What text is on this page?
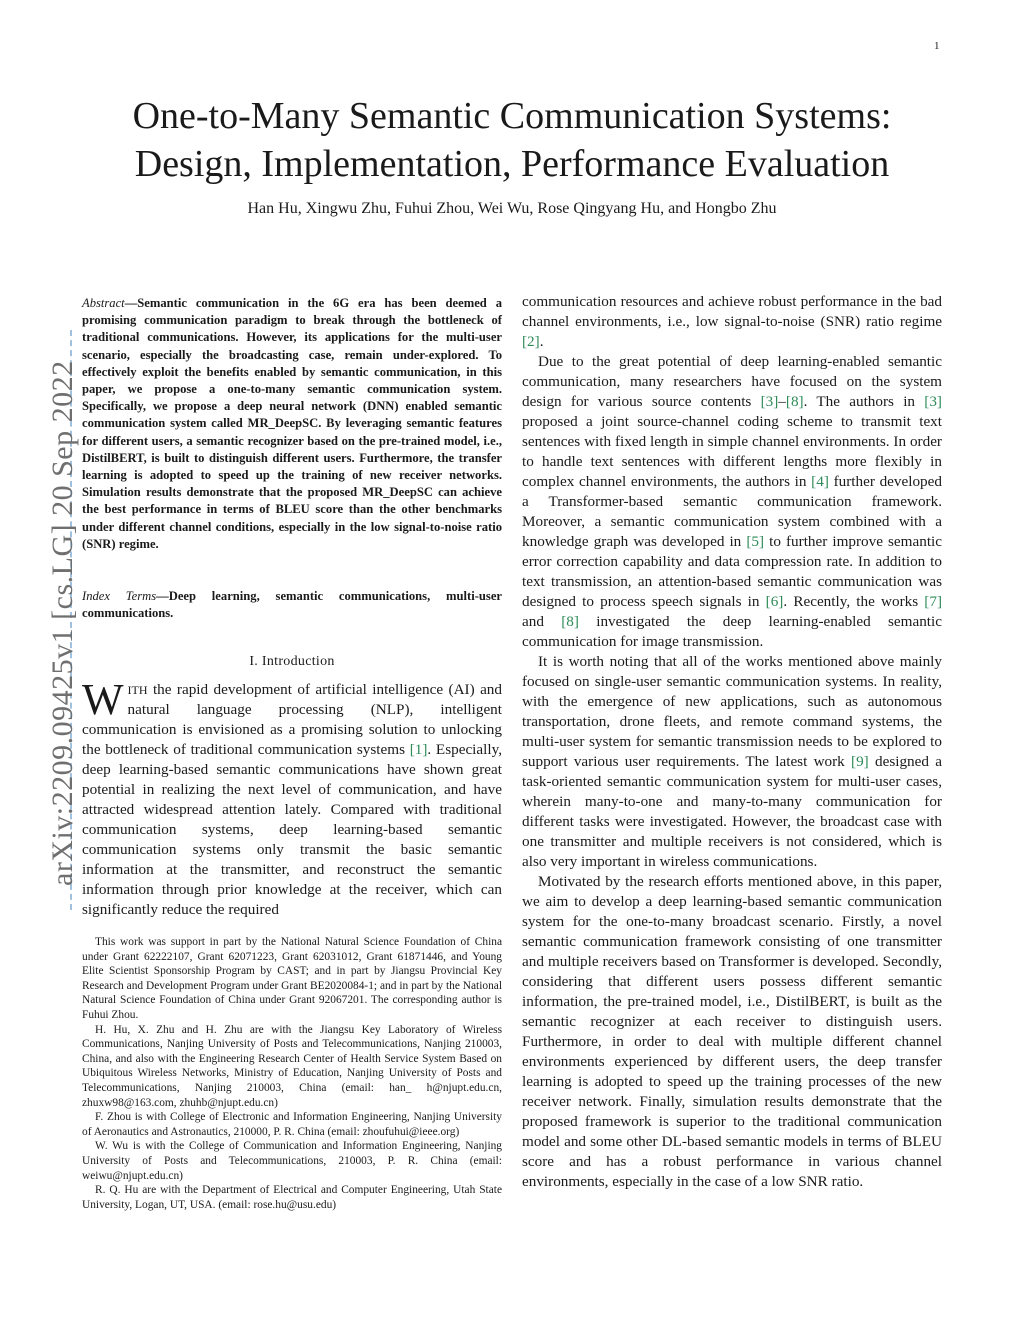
1
One-to-Many Semantic Communication Systems:
Design, Implementation, Performance Evaluation
Han Hu, Xingwu Zhu, Fuhui Zhou, Wei Wu, Rose Qingyang Hu, and Hongbo Zhu
arXiv:2209.09425v1 [cs.LG] 20 Sep 2022
Abstract—Semantic communication in the 6G era has been deemed a promising communication paradigm to break through the bottleneck of traditional communications. However, its applications for the multi-user scenario, especially the broadcasting case, remain under-explored. To effectively exploit the benefits enabled by semantic communication, in this paper, we propose a one-to-many semantic communication system. Specifically, we propose a deep neural network (DNN) enabled semantic communication system called MR_DeepSC. By leveraging semantic features for different users, a semantic recognizer based on the pre-trained model, i.e., DistilBERT, is built to distinguish different users. Furthermore, the transfer learning is adopted to speed up the training of new receiver networks. Simulation results demonstrate that the proposed MR_DeepSC can achieve the best performance in terms of BLEU score than the other benchmarks under different channel conditions, especially in the low signal-to-noise ratio (SNR) regime.
Index Terms—Deep learning, semantic communications, multi-user communications.
I. Introduction
WITH the rapid development of artificial intelligence (AI) and natural language processing (NLP), intelligent communication is envisioned as a promising solution to unlocking the bottleneck of traditional communication systems [1]. Especially, deep learning-based semantic communications have shown great potential in realizing the next level of communication, and have attracted widespread attention lately. Compared with traditional communication systems, deep learning-based semantic communication systems only transmit the basic semantic information at the transmitter, and reconstruct the semantic information through prior knowledge at the receiver, which can significantly reduce the required

This work was support in part by the National Natural Science Foundation of China under Grant 62222107, Grant 62071223, Grant 62031012, Grant 61871446, and Young Elite Scientist Sponsorship Program by CAST; and in part by Jiangsu Provincial Key Research and Development Program under Grant BE2020084-1; and in part by the National Natural Science Foundation of China under Grant 92067201. The corresponding author is Fuhui Zhou.

H. Hu, X. Zhu and H. Zhu are with the Jiangsu Key Laboratory of Wireless Communications, Nanjing University of Posts and Telecommunications, Nanjing 210003, China, and also with the Engineering Research Center of Health Service System Based on Ubiquitous Wireless Networks, Ministry of Education, Nanjing University of Posts and Telecommunications, Nanjing 210003, China (email: han_ h@njupt.edu.cn, zhuxw98@163.com, zhuhb@njupt.edu.cn)

F. Zhou is with College of Electronic and Information Engineering, Nanjing University of Aeronautics and Astronautics, 210000, P. R. China (email: zhoufuhui@ieee.org)

W. Wu is with the College of Communication and Information Engineering, Nanjing University of Posts and Telecommunications, 210003, P. R. China (email: weiwu@njupt.edu.cn)

R. Q. Hu are with the Department of Electrical and Computer Engineering, Utah State University, Logan, UT, USA. (email: rose.hu@usu.edu)

communication resources and achieve robust performance in the bad channel environments, i.e., low signal-to-noise (SNR) ratio regime [2].

Due to the great potential of deep learning-enabled semantic communication, many researchers have focused on the system design for various source contents [3]–[8]. The authors in [3] proposed a joint source-channel coding scheme to transmit text sentences with fixed length in simple channel environments. In order to handle text sentences with different lengths more flexibly in complex channel environments, the authors in [4] further developed a Transformer-based semantic communication framework. Moreover, a semantic communication system combined with a knowledge graph was developed in [5] to further improve semantic error correction capability and data compression rate. In addition to text transmission, an attention-based semantic communication was designed to process speech signals in [6]. Recently, the works [7] and [8] investigated the deep learning-enabled semantic communication for image transmission.

It is worth noting that all of the works mentioned above mainly focused on single-user semantic communication systems. In reality, with the emergence of new applications, such as autonomous transportation, drone fleets, and remote command systems, the multi-user system for semantic transmission needs to be explored to support various user requirements. The latest work [9] designed a task-oriented semantic communication system for multi-user cases, wherein many-to-one and many-to-many communication for different tasks were investigated. However, the broadcast case with one transmitter and multiple receivers is not considered, which is also very important in wireless communications.

Motivated by the research efforts mentioned above, in this paper, we aim to develop a deep learning-based semantic communication system for the one-to-many broadcast scenario. Firstly, a novel semantic communication framework consisting of one transmitter and multiple receivers based on Transformer is developed. Secondly, considering that different users possess different semantic information, the pre-trained model, i.e., DistilBERT, is built as the semantic recognizer at each receiver to distinguish users. Furthermore, in order to deal with multiple different channel environments experienced by different users, the deep transfer learning is adopted to speed up the training processes of the new receiver network. Finally, simulation results demonstrate that the proposed framework is superior to the traditional communication model and some other DL-based semantic models in terms of BLEU score and has a robust performance in various channel environments, especially in the case of a low SNR ratio.
